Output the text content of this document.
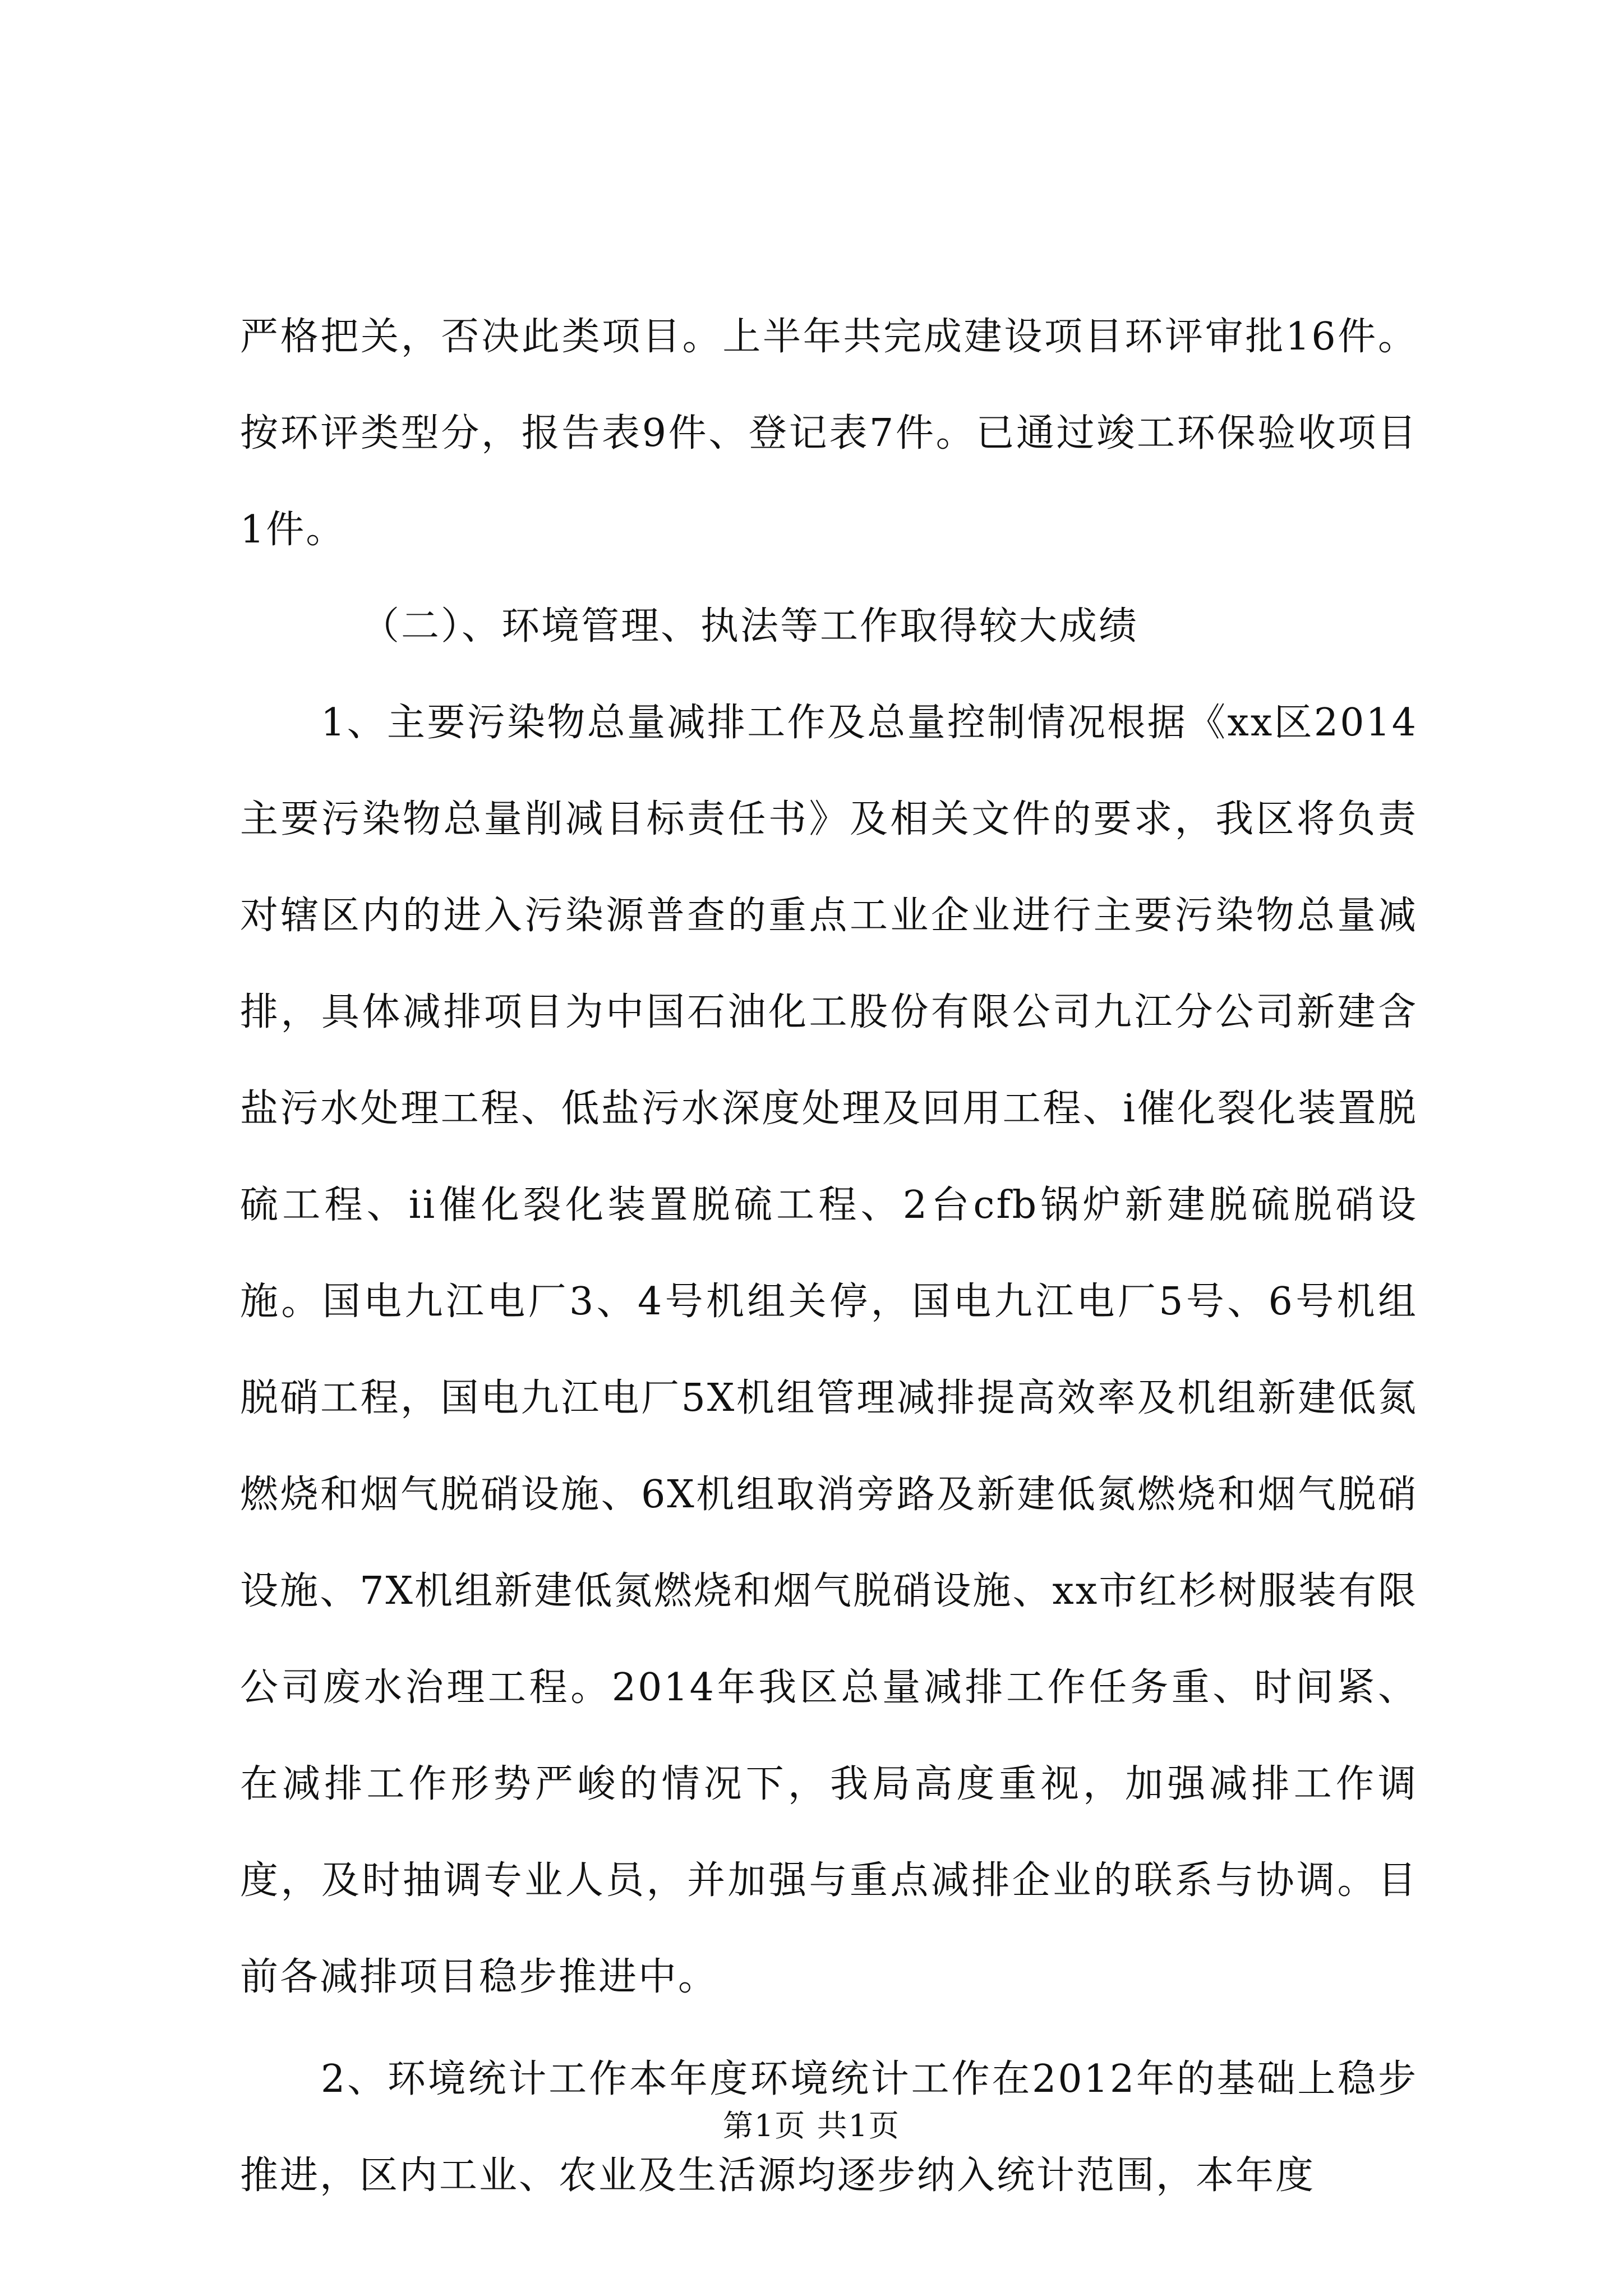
严格把关，否决此类项目。上半年共完成建设项目环评审批16件。按环评类型分，报告表9件、登记表7件。已通过竣工环保验收项目1件。

（二）、环境管理、执法等工作取得较大成绩

1、主要污染物总量减排工作及总量控制情况根据《xx区2014主要污染物总量削减目标责任书》及相关文件的要求，我区将负责对辖区内的进入污染源普查的重点工业企业进行主要污染物总量减排，具体减排项目为中国石油化工股份有限公司九江分公司新建含盐污水处理工程、低盐污水深度处理及回用工程、i催化裂化装置脱硫工程、ii催化裂化装置脱硫工程、2台cfb锅炉新建脱硫脱硝设施。国电九江电厂3、4号机组关停，国电九江电厂5号、6号机组脱硝工程，国电九江电厂5X机组管理减排提高效率及机组新建低氮燃烧和烟气脱硝设施、6X机组取消旁路及新建低氮燃烧和烟气脱硝设施、7X机组新建低氮燃烧和烟气脱硝设施、xx市红杉树服装有限公司废水治理工程。2014年我区总量减排工作任务重、时间紧、在减排工作形势严峻的情况下，我局高度重视，加强减排工作调度，及时抽调专业人员，并加强与重点减排企业的联系与协调。目前各减排项目稳步推进中。

2、环境统计工作本年度环境统计工作在2012年的基础上稳步推进，区内工业、农业及生活源均逐步纳入统计范围，本年度

第1页 共1页
